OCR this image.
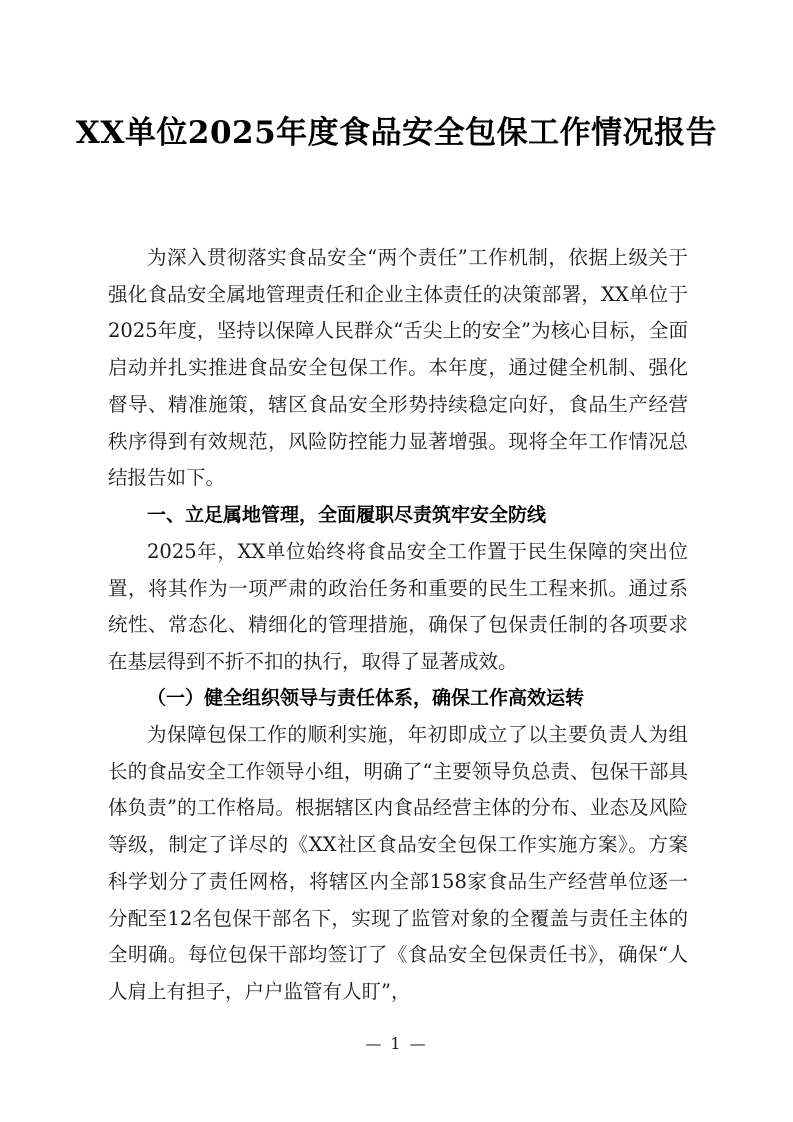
XX单位2025年度食品安全包保工作情况报告

为深入贯彻落实食品安全“两个责任”工作机制，依据上级关于强化食品安全属地管理责任和企业主体责任的决策部署，XX单位于2025年度，坚持以保障人民群众“舌尖上的安全”为核心目标，全面启动并扎实推进食品安全包保工作。本年度，通过健全机制、强化督导、精准施策，辖区食品安全形势持续稳定向好，食品生产经营秩序得到有效规范，风险防控能力显著增强。现将全年工作情况总结报告如下。

一、立足属地管理，全面履职尽责筑牢安全防线

2025年，XX单位始终将食品安全工作置于民生保障的突出位置，将其作为一项严肃的政治任务和重要的民生工程来抓。通过系统性、常态化、精细化的管理措施，确保了包保责任制的各项要求在基层得到不折不扣的执行，取得了显著成效。

（一）健全组织领导与责任体系，确保工作高效运转

为保障包保工作的顺利实施，年初即成立了以主要负责人为组长的食品安全工作领导小组，明确了“主要领导负总责、包保干部具体负责”的工作格局。根据辖区内食品经营主体的分布、业态及风险等级，制定了详尽的《XX社区食品安全包保工作实施方案》。方案科学划分了责任网格，将辖区内全部158家食品生产经营单位逐一分配至12名包保干部名下，实现了监管对象的全覆盖与责任主体的全明确。每位包保干部均签订了《食品安全包保责任书》，确保“人人肩上有担子，户户监管有人盯”，

— 1 —
